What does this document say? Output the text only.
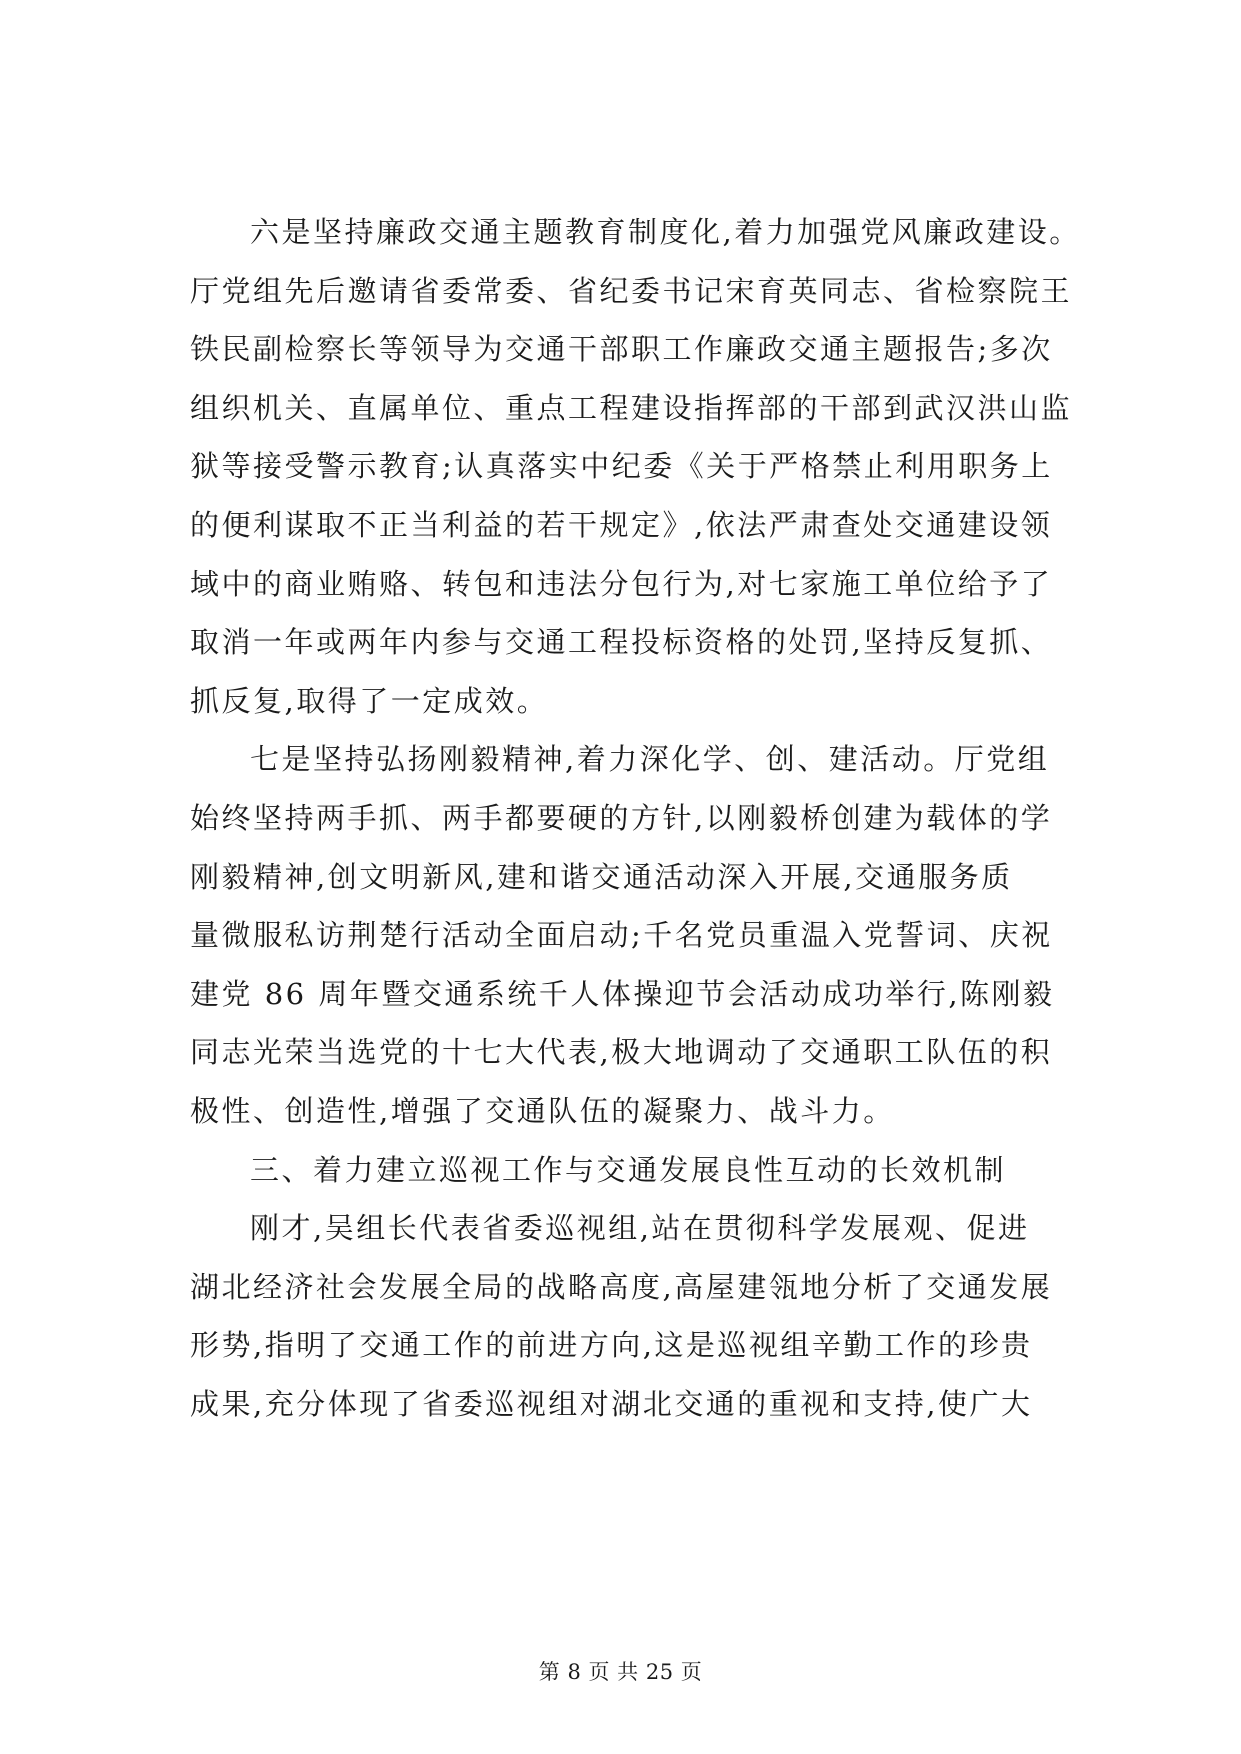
六是坚持廉政交通主题教育制度化,着力加强党风廉政建设。
厅党组先后邀请省委常委、省纪委书记宋育英同志、省检察院王
铁民副检察长等领导为交通干部职工作廉政交通主题报告;多次
组织机关、直属单位、重点工程建设指挥部的干部到武汉洪山监
狱等接受警示教育;认真落实中纪委《关于严格禁止利用职务上
的便利谋取不正当利益的若干规定》,依法严肃查处交通建设领
域中的商业贿赂、转包和违法分包行为,对七家施工单位给予了
取消一年或两年内参与交通工程投标资格的处罚,坚持反复抓、
抓反复,取得了一定成效。
七是坚持弘扬刚毅精神,着力深化学、创、建活动。厅党组
始终坚持两手抓、两手都要硬的方针,以刚毅桥创建为载体的学
刚毅精神,创文明新风,建和谐交通活动深入开展,交通服务质
量微服私访荆楚行活动全面启动;千名党员重温入党誓词、庆祝
建党 86 周年暨交通系统千人体操迎节会活动成功举行,陈刚毅
同志光荣当选党的十七大代表,极大地调动了交通职工队伍的积
极性、创造性,增强了交通队伍的凝聚力、战斗力。
三、着力建立巡视工作与交通发展良性互动的长效机制
刚才,吴组长代表省委巡视组,站在贯彻科学发展观、促进
湖北经济社会发展全局的战略高度,高屋建瓴地分析了交通发展
形势,指明了交通工作的前进方向,这是巡视组辛勤工作的珍贵
成果,充分体现了省委巡视组对湖北交通的重视和支持,使广大
第 8 页 共 25 页
